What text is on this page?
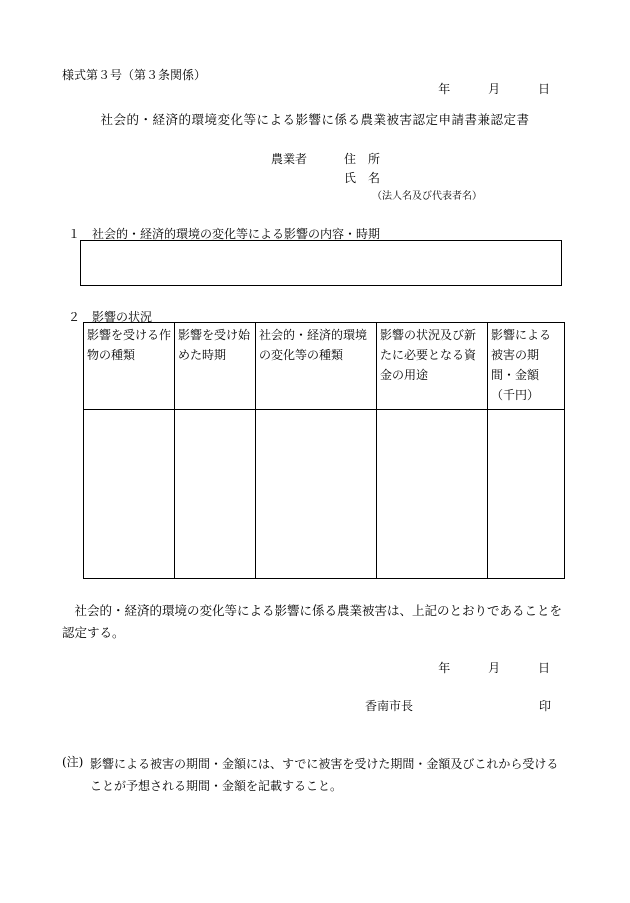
様式第３号（第３条関係）
年	月	日
社会的・経済的環境変化等による影響に係る農業被害認定申請書兼認定書
農業者	住　所
氏　名
（法人名及び代表者名）
１　社会的・経済的環境の変化等による影響の内容・時期
２　影響の状況
影響を受ける作物の種類	影響を受け始めた時期	社会的・経済的環境の変化等の種類	影響の状況及び新たに必要となる資金の用途	影響による被害の期間・金額（千円）

　社会的・経済的環境の変化等による影響に係る農業被害は、上記のとおりであることを認定する。
年	月	日
香南市長	印
(注) 影響による被害の期間・金額には、すでに被害を受けた期間・金額及びこれから受けることが予想される期間・金額を記載すること。
